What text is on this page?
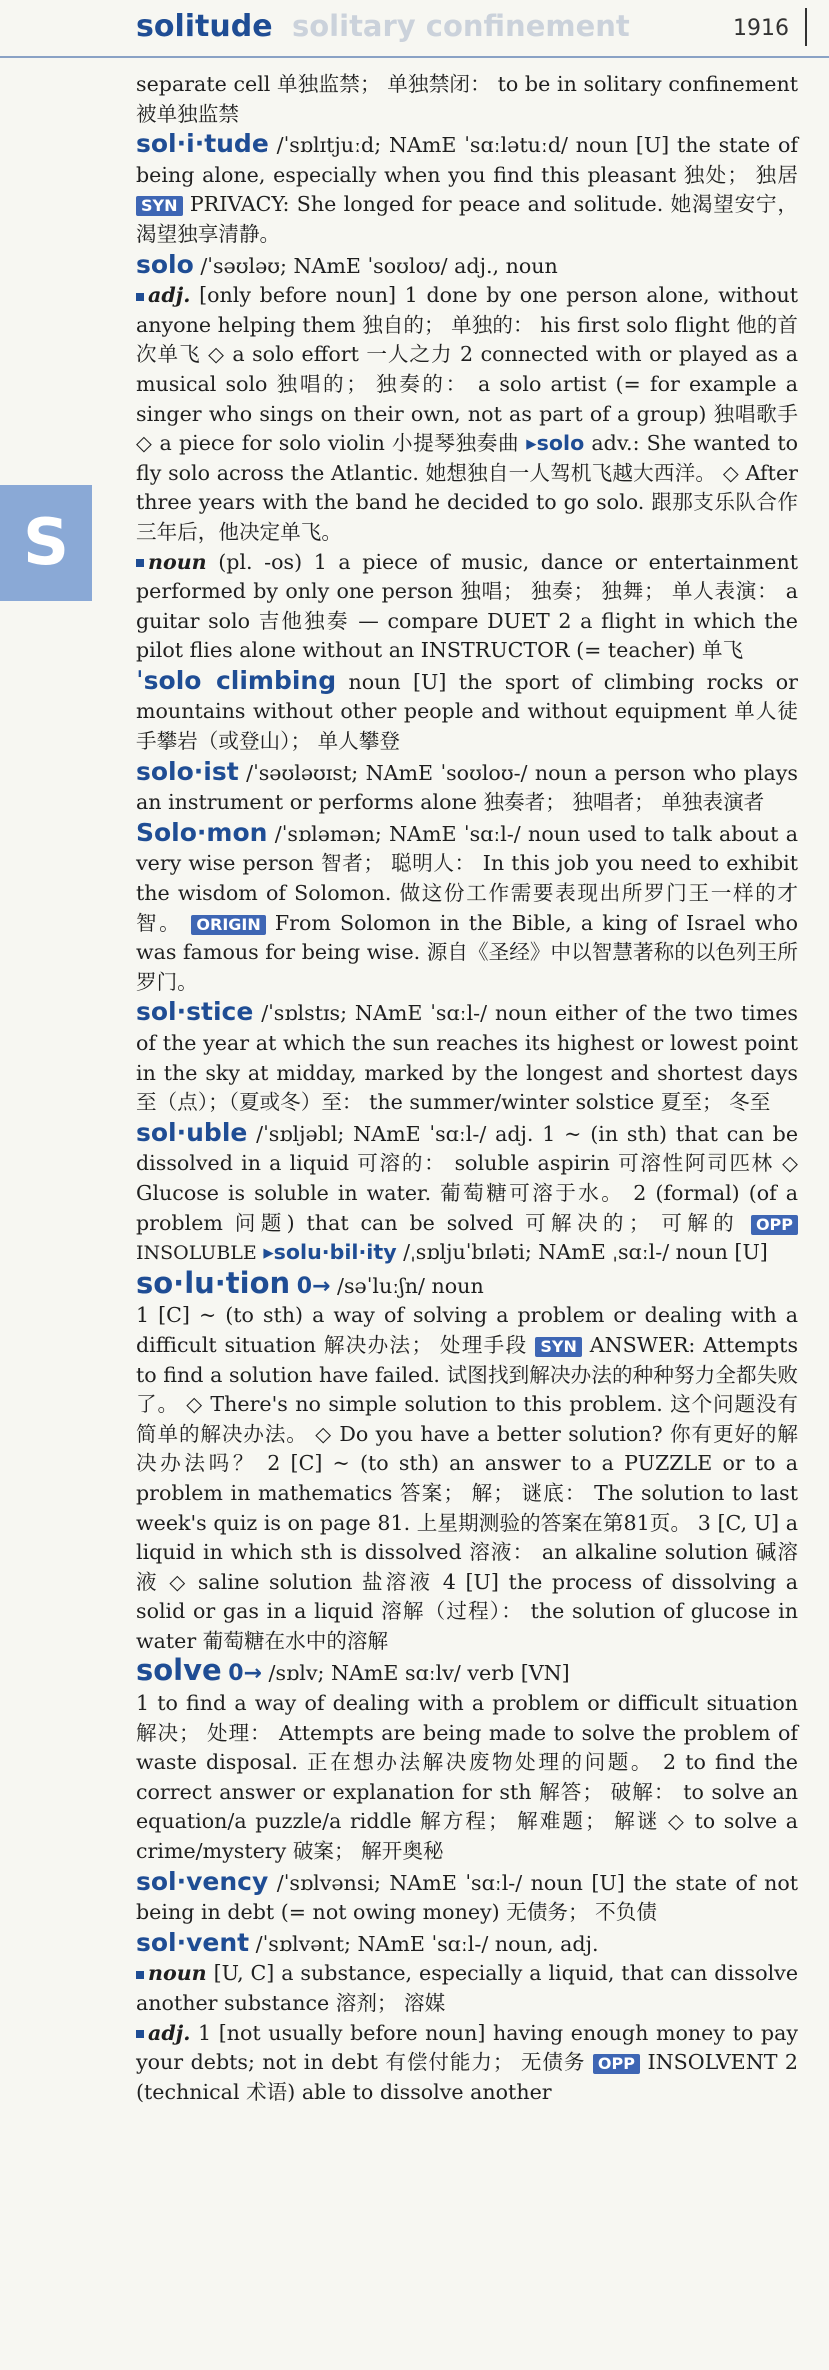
solitude solitary confinement	1916
S

separate cell 单独监禁； 单独禁闭： to be in solitary confinement 被单独监禁

sol·i·tude /ˈsɒlɪtjuːd; NAmE ˈsɑːlətuːd/ noun [U] the state of being alone, especially when you find this pleasant 独处； 独居 SYN PRIVACY: She longed for peace and solitude. 她渴望安宁，渴望独享清静。

solo /ˈsəʊləʊ; NAmE ˈsoʊloʊ/ adj., noun

adj. [only before noun] 1 done by one person alone, without anyone helping them 独自的； 单独的： his first solo flight 他的首次单飞 ◇ a solo effort 一人之力 2 connected with or played as a musical solo 独唱的； 独奏的： a solo artist (= for example a singer who sings on their own, not as part of a group) 独唱歌手 ◇ a piece for solo violin 小提琴独奏曲 ▸solo adv.: She wanted to fly solo across the Atlantic. 她想独自一人驾机飞越大西洋。 ◇ After three years with the band he decided to go solo. 跟那支乐队合作三年后，他决定单飞。

noun (pl. -os) 1 a piece of music, dance or entertainment performed by only one person 独唱； 独奏； 独舞； 单人表演： a guitar solo 吉他独奏 — compare DUET 2 a flight in which the pilot flies alone without an INSTRUCTOR (= teacher) 单飞

ˈsolo climbing noun [U] the sport of climbing rocks or mountains without other people and without equipment 单人徒手攀岩（或登山）； 单人攀登

solo·ist /ˈsəʊləʊɪst; NAmE ˈsoʊloʊ-/ noun a person who plays an instrument or performs alone 独奏者； 独唱者； 单独表演者

Solo·mon /ˈsɒləmən; NAmE ˈsɑːl-/ noun used to talk about a very wise person 智者； 聪明人： In this job you need to exhibit the wisdom of Solomon. 做这份工作需要表现出所罗门王一样的才智。 ORIGIN From Solomon in the Bible, a king of Israel who was famous for being wise. 源自《圣经》中以智慧著称的以色列王所罗门。

sol·stice /ˈsɒlstɪs; NAmE ˈsɑːl-/ noun either of the two times of the year at which the sun reaches its highest or lowest point in the sky at midday, marked by the longest and shortest days 至（点）；（夏或冬）至： the summer/winter solstice 夏至； 冬至

sol·uble /ˈsɒljəbl; NAmE ˈsɑːl-/ adj. 1 ~ (in sth) that can be dissolved in a liquid 可溶的： soluble aspirin 可溶性阿司匹林 ◇ Glucose is soluble in water. 葡萄糖可溶于水。 2 (formal) (of a problem 问题) that can be solved 可解决的； 可解的 OPP INSOLUBLE ▸solu·bil·ity /ˌsɒljuˈbɪləti; NAmE ˌsɑːl-/ noun [U]

so·lu·tion 0→ /səˈluːʃn/ noun

1 [C] ~ (to sth) a way of solving a problem or dealing with a difficult situation 解决办法； 处理手段 SYN ANSWER: Attempts to find a solution have failed. 试图找到解决办法的种种努力全都失败了。 ◇ There's no simple solution to this problem. 这个问题没有简单的解决办法。 ◇ Do you have a better solution? 你有更好的解决办法吗？ 2 [C] ~ (to sth) an answer to a PUZZLE or to a problem in mathematics 答案； 解； 谜底： The solution to last week's quiz is on page 81. 上星期测验的答案在第81页。 3 [C, U] a liquid in which sth is dissolved 溶液： an alkaline solution 碱溶液 ◇ saline solution 盐溶液 4 [U] the process of dissolving a solid or gas in a liquid 溶解（过程）： the solution of glucose in water 葡萄糖在水中的溶解

solve 0→ /sɒlv; NAmE sɑːlv/ verb [VN]

1 to find a way of dealing with a problem or difficult situation 解决； 处理： Attempts are being made to solve the problem of waste disposal. 正在想办法解决废物处理的问题。 2 to find the correct answer or explanation for sth 解答； 破解： to solve an equation/a puzzle/a riddle 解方程； 解难题； 解谜 ◇ to solve a crime/mystery 破案； 解开奥秘

sol·vency /ˈsɒlvənsi; NAmE ˈsɑːl-/ noun [U] the state of not being in debt (= not owing money) 无债务； 不负债

sol·vent /ˈsɒlvənt; NAmE ˈsɑːl-/ noun, adj.

noun [U, C] a substance, especially a liquid, that can dissolve another substance 溶剂； 溶媒

adj. 1 [not usually before noun] having enough money to pay your debts; not in debt 有偿付能力； 无债务 OPP INSOLVENT 2 (technical 术语) able to dissolve another
